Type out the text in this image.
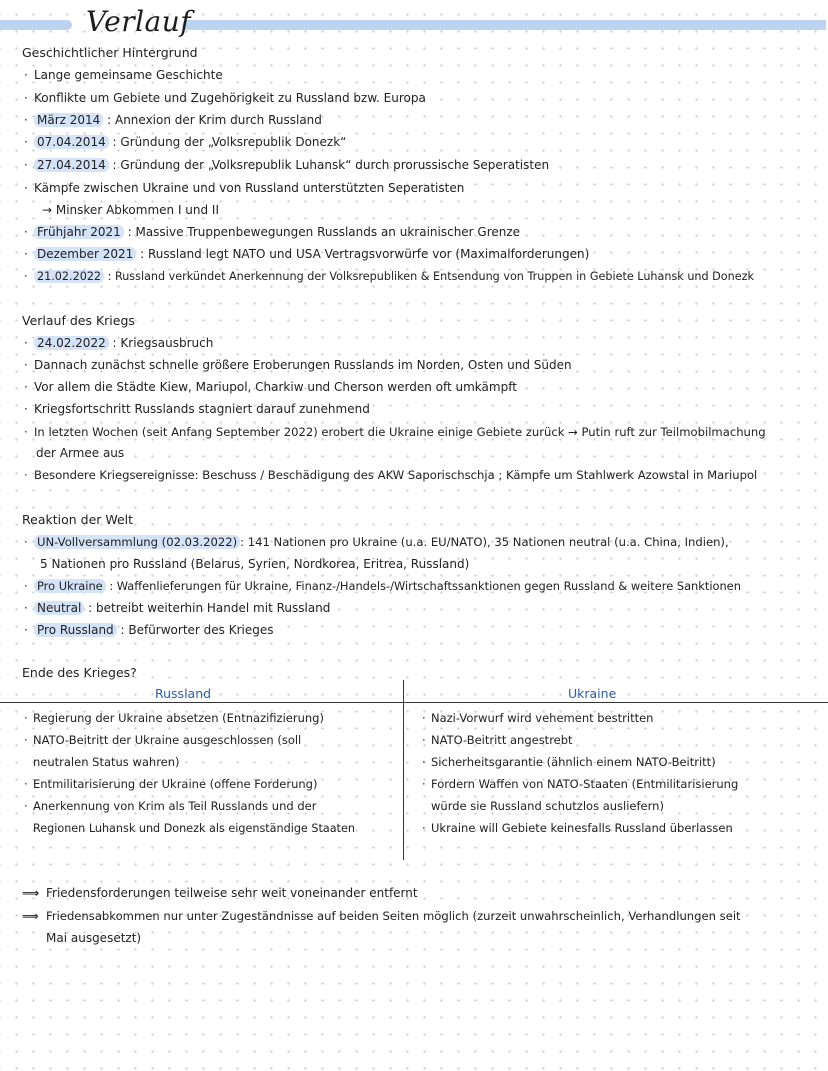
Verlauf
Geschichtlicher Hintergrund
· Lange gemeinsame Geschichte
· Konflikte um Gebiete und Zugehörigkeit zu Russland bzw. Europa
· März 2014 : Annexion der Krim durch Russland
· 07.04.2014 : Gründung der „Volksrepublik Donezk“
· 27.04.2014 : Gründung der „Volksrepublik Luhansk“ durch prorussische Seperatisten
· Kämpfe zwischen Ukraine und von Russland unterstützten Seperatisten
→ Minsker Abkommen I und II
· Frühjahr 2021 : Massive Truppenbewegungen Russlands an ukrainischer Grenze
· Dezember 2021 : Russland legt NATO und USA Vertragsvorwürfe vor (Maximalforderungen)
· 21.02.2022 : Russland verkündet Anerkennung der Volksrepubliken & Entsendung von Truppen in Gebiete Luhansk und Donezk
Verlauf des Kriegs
· 24.02.2022 : Kriegsausbruch
· Dannach zunächst schnelle größere Eroberungen Russlands im Norden, Osten und Süden
· Vor allem die Städte Kiew, Mariupol, Charkiw und Cherson werden oft umkämpft
· Kriegsfortschritt Russlands stagniert darauf zunehmend
· In letzten Wochen (seit Anfang September 2022) erobert die Ukraine einige Gebiete zurück → Putin ruft zur Teilmobilmachung
der Armee aus
· Besondere Kriegsereignisse: Beschuss / Beschädigung des AKW Saporischschja ; Kämpfe um Stahlwerk Azowstal in Mariupol
Reaktion der Welt
· UN-Vollversammlung (02.03.2022) : 141 Nationen pro Ukraine (u.a. EU/NATO), 35 Nationen neutral (u.a. China, Indien),
5 Nationen pro Russland (Belarus, Syrien, Nordkorea, Eritrea, Russland)
· Pro Ukraine : Waffenlieferungen für Ukraine, Finanz-/Handels-/Wirtschaftssanktionen gegen Russland & weitere Sanktionen
· Neutral : betreibt weiterhin Handel mit Russland
· Pro Russland : Befürworter des Krieges
Ende des Krieges?
Russland	Ukraine
· Regierung der Ukraine absetzen (Entnazifizierung)
· NATO-Beitritt der Ukraine ausgeschlossen (soll
neutralen Status wahren)
· Entmilitarisierung der Ukraine (offene Forderung)
· Anerkennung von Krim als Teil Russlands und der
Regionen Luhansk und Donezk als eigenständige Staaten
· Nazi-Vorwurf wird vehement bestritten
· NATO-Beitritt angestrebt
· Sicherheitsgarantie (ähnlich einem NATO-Beitritt)
· Fordern Waffen von NATO-Staaten (Entmilitarisierung
würde sie Russland schutzlos ausliefern)
· Ukraine will Gebiete keinesfalls Russland überlassen
⟹ Friedensforderungen teilweise sehr weit voneinander entfernt
⟹ Friedensabkommen nur unter Zugeständnisse auf beiden Seiten möglich (zurzeit unwahrscheinlich, Verhandlungen seit
Mai ausgesetzt)
